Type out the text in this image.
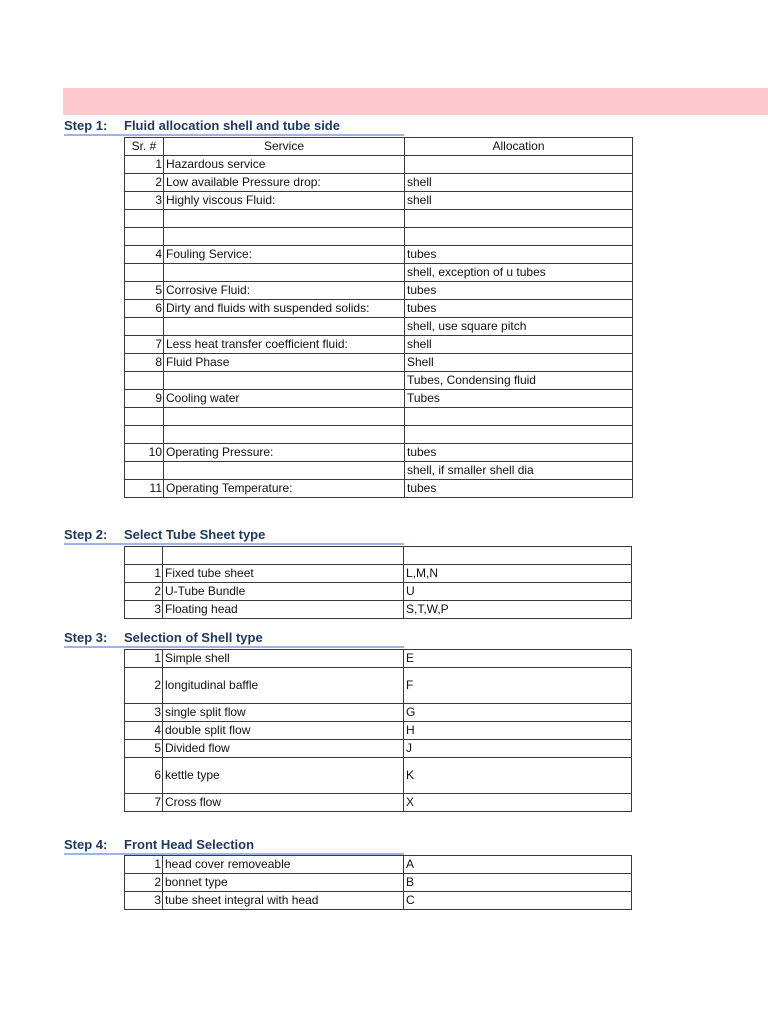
Step 1: Fluid allocation shell and tube side
Sr. #	Service	Allocation
1	Hazardous service	
2	Low available Pressure drop:	shell
3	Highly viscous Fluid:	shell

4	Fouling Service:	tubes
		shell, exception of u tubes
5	Corrosive Fluid:	tubes
6	Dirty and fluids with suspended solids:	tubes
		shell, use square pitch
7	Less heat transfer coefficient fluid:	shell
8	Fluid Phase	Shell
		Tubes, Condensing fluid
9	Cooling water	Tubes

10	Operating Pressure:	tubes
		shell, if smaller shell dia
11	Operating Temperature:	tubes
Step 2: Select Tube Sheet type

1	Fixed tube sheet	L,M,N
2	U-Tube Bundle	U
3	Floating head	S,T,W,P
Step 3: Selection of Shell type
1	Simple shell	E
2	longitudinal baffle	F
3	single split flow	G
4	double split flow	H
5	Divided flow	J
6	kettle type	K
7	Cross flow	X
Step 4: Front Head Selection
1	head cover removeable	A
2	bonnet type	B
3	tube sheet integral with head	C
